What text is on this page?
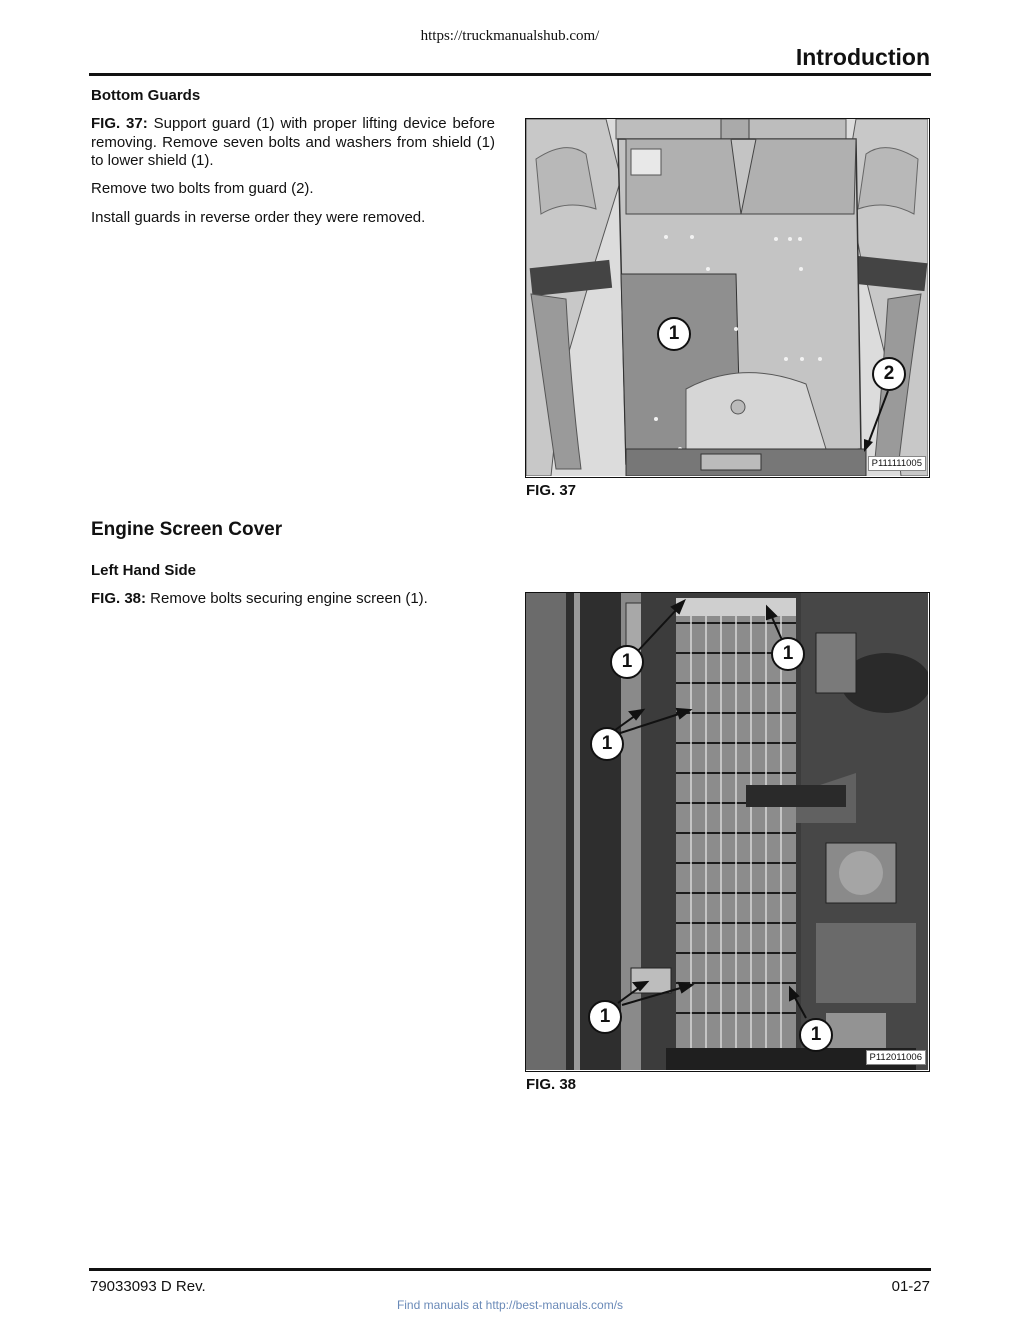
https://truckmanualshub.com/
Introduction
Bottom Guards
FIG. 37: Support guard (1) with proper lifting device before removing. Remove seven bolts and washers from shield (1) to lower shield (1).
Remove two bolts from guard (2).
Install guards in reverse order they were removed.
1
2
P111111005
FIG. 37
Engine Screen Cover
Left Hand Side
FIG. 38: Remove bolts securing engine screen (1).
1	1
1
1
1
P112011006
FIG. 38
79033093 D Rev.	01-27
Find manuals at http://best-manuals.com/s
